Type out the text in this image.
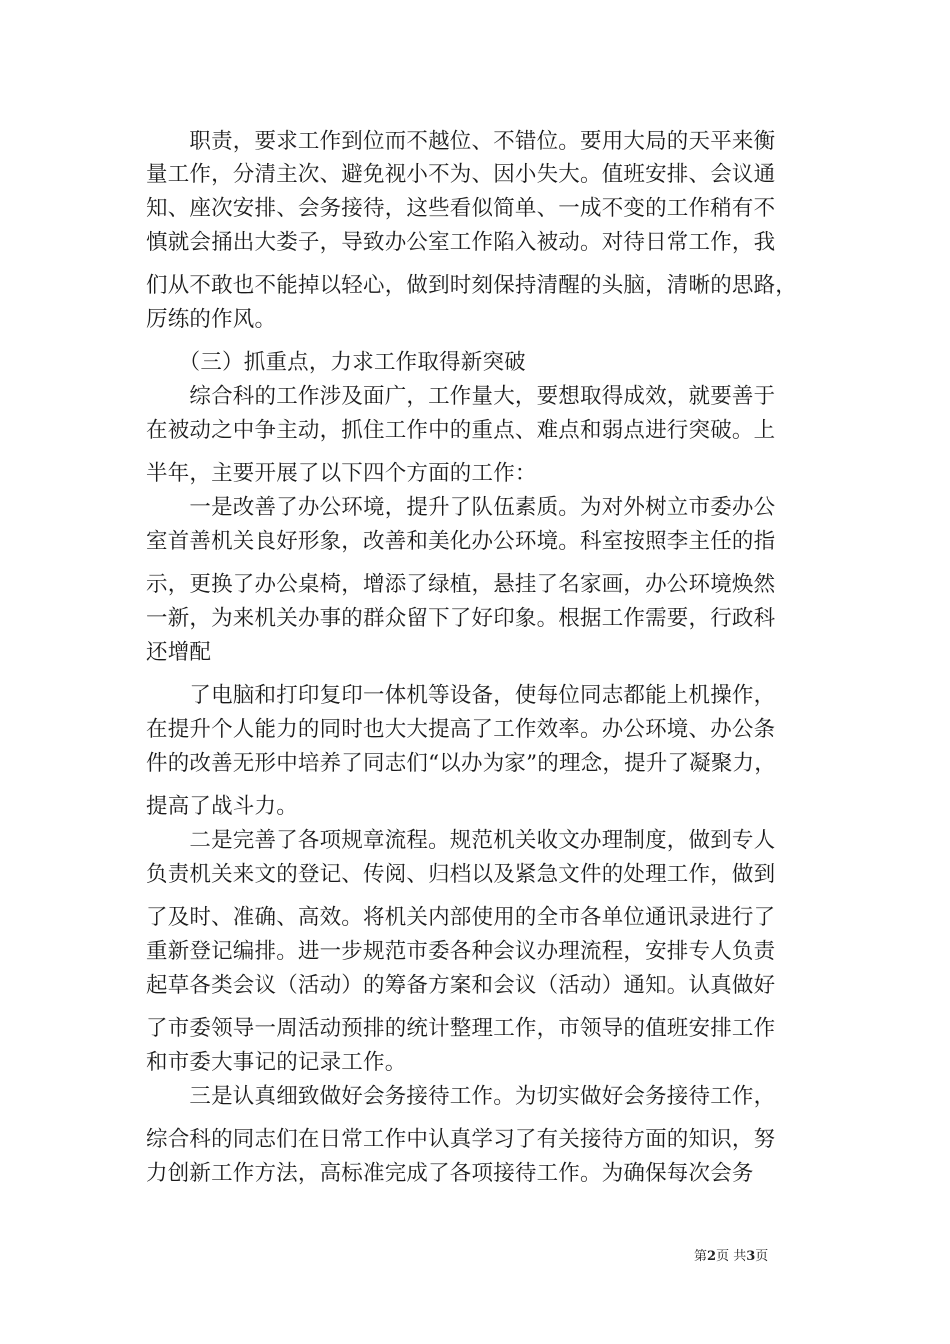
　　职责，要求工作到位而不越位、不错位。要用大局的天平来衡
量工作，分清主次、避免视小不为、因小失大。值班安排、会议通
知、座次安排、会务接待，这些看似简单、一成不变的工作稍有不
慎就会捅出大娄子，导致办公室工作陷入被动。对待日常工作，我
们从不敢也不能掉以轻心，做到时刻保持清醒的头脑，清晰的思路，
厉练的作风。
　　（三）抓重点，力求工作取得新突破
　　综合科的工作涉及面广，工作量大，要想取得成效，就要善于
在被动之中争主动，抓住工作中的重点、难点和弱点进行突破。上
半年，主要开展了以下四个方面的工作：
　　一是改善了办公环境，提升了队伍素质。为对外树立市委办公
室首善机关良好形象，改善和美化办公环境。科室按照李主任的指
示，更换了办公桌椅，增添了绿植，悬挂了名家画，办公环境焕然
一新，为来机关办事的群众留下了好印象。根据工作需要，行政科
还增配
　　了电脑和打印复印一体机等设备，使每位同志都能上机操作，
在提升个人能力的同时也大大提高了工作效率。办公环境、办公条
件的改善无形中培养了同志们“以办为家”的理念，提升了凝聚力，
提高了战斗力。
　　二是完善了各项规章流程。规范机关收文办理制度，做到专人
负责机关来文的登记、传阅、归档以及紧急文件的处理工作，做到
了及时、准确、高效。将机关内部使用的全市各单位通讯录进行了
重新登记编排。进一步规范市委各种会议办理流程，安排专人负责
起草各类会议（活动）的筹备方案和会议（活动）通知。认真做好
了市委领导一周活动预排的统计整理工作，市领导的值班安排工作
和市委大事记的记录工作。
　　三是认真细致做好会务接待工作。为切实做好会务接待工作，
综合科的同志们在日常工作中认真学习了有关接待方面的知识，努
力创新工作方法，高标准完成了各项接待工作。为确保每次会务
第2页 共3页
